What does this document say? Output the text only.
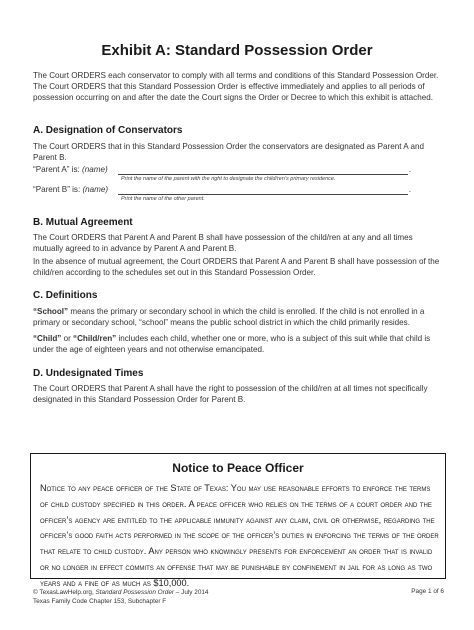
Exhibit A: Standard Possession Order
The Court ORDERS each conservator to comply with all terms and conditions of this Standard Possession Order. The Court ORDERS that this Standard Possession Order is effective immediately and applies to all periods of possession occurring on and after the date the Court signs the Order or Decree to which this exhibit is attached.
A. Designation of Conservators
The Court ORDERS that in this Standard Possession Order the conservators are designated as Parent A and Parent B.
“Parent A” is: (name)	.
Print the name of the parent with the right to designate the child/ren’s primary residence.
“Parent B” is: (name)	.
Print the name of the other parent.
B. Mutual Agreement
The Court ORDERS that Parent A and Parent B shall have possession of the child/ren at any and all times mutually agreed to in advance by Parent A and Parent B.
In the absence of mutual agreement, the Court ORDERS that Parent A and Parent B shall have possession of the child/ren according to the schedules set out in this Standard Possession Order.
C. Definitions
“School” means the primary or secondary school in which the child is enrolled. If the child is not enrolled in a primary or secondary school, “school” means the public school district in which the child primarily resides.
“Child” or “Child/ren” includes each child, whether one or more, who is a subject of this suit while that child is under the age of eighteen years and not otherwise emancipated.
D. Undesignated Times
The Court ORDERS that Parent A shall have the right to possession of the child/ren at all times not specifically designated in this Standard Possession Order for Parent B.
Notice to Peace Officer
Notice to any peace officer of the State of Texas: You may use reasonable efforts to enforce the terms of child custody specified in this order. A peace officer who relies on the terms of a court order and the officer’s agency are entitled to the applicable immunity against any claim, civil or otherwise, regarding the officer’s good faith acts performed in the scope of the officer’s duties in enforcing the terms of the order that relate to child custody. Any person who knowingly presents for enforcement an order that is invalid or no longer in effect commits an offense that may be punishable by confinement in jail for as long as two years and a fine of as much as $10,000.
© TexasLawHelp.org, Standard Possession Order – July 2014
Texas Family Code Chapter 153, Subchapter F
Page 1 of 6
